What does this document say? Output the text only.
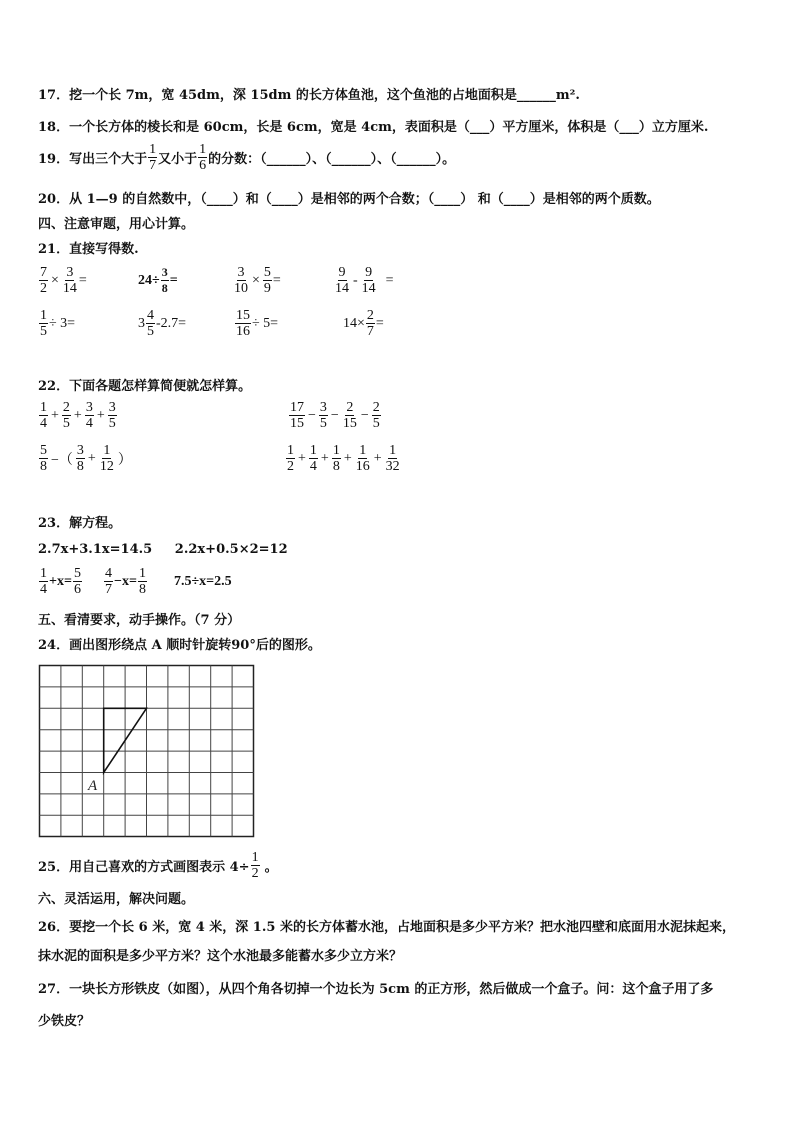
17．挖一个长 7m，宽 45dm，深 15dm 的长方体鱼池，这个鱼池的占地面积是______m².
18．一个长方体的棱长和是 60cm，长是 6cm，宽是 4cm，表面积是（___）平方厘米，体积是（___）立方厘米.
19．写出三个大于 $\frac{1}{7}$ 又小于 $\frac{1}{6}$ 的分数：（______）、（______）、（______）。
20．从 1—9 的自然数中，（____）和（____）是相邻的两个合数；（____） 和（____）是相邻的两个质数。
四、注意审题，用心计算。
21．直接写得数.
$\frac{7}{2} \times \frac{3}{14}$ =	$24\div \frac{3}{8}$ =	$\frac{3}{10} \times \frac{5}{9}$ =	$\frac{9}{14} - \frac{9}{14}$ =
$\frac{1}{5} \div 3=$	$3 \frac{4}{5} -2.7=$	$\frac{15}{16} \div 5=$	$14\times \frac{2}{7}$ =
22．下面各题怎样算简便就怎样算。
$\frac{1}{4} + \frac{2}{5} + \frac{3}{4} + \frac{3}{5}$	$\frac{17}{15} - \frac{3}{5} - \frac{2}{15} - \frac{2}{5}$
$\frac{5}{8}$ −（ $\frac{3}{8} + \frac{1}{12}$ ）	$\frac{1}{2} + \frac{1}{4} + \frac{1}{8} + \frac{1}{16} + \frac{1}{32}$
23．解方程。
2.7x+3.1x=14.5     2.2x+0.5×2=12
$\frac{1}{4} +x= \frac{5}{6} \frac{4}{7} -x= \frac{1}{8} 7.5\div x=2.5$
五、看清要求，动手操作。（7 分）
24．画出图形绕点 A 顺时针旋转90°后的图形。
A
25．用自己喜欢的方式画图表示 $4\div \frac{1}{2}$ 。
六、灵活运用，解决问题。
26．要挖一个长 6 米，宽 4 米，深 1.5 米的长方体蓄水池，占地面积是多少平方米？把水池四壁和底面用水泥抹起来，
抹水泥的面积是多少平方米？这个水池最多能蓄水多少立方米？
27．一块长方形铁皮（如图），从四个角各切掉一个边长为 5cm 的正方形，然后做成一个盒子。问：这个盒子用了多
少铁皮？
